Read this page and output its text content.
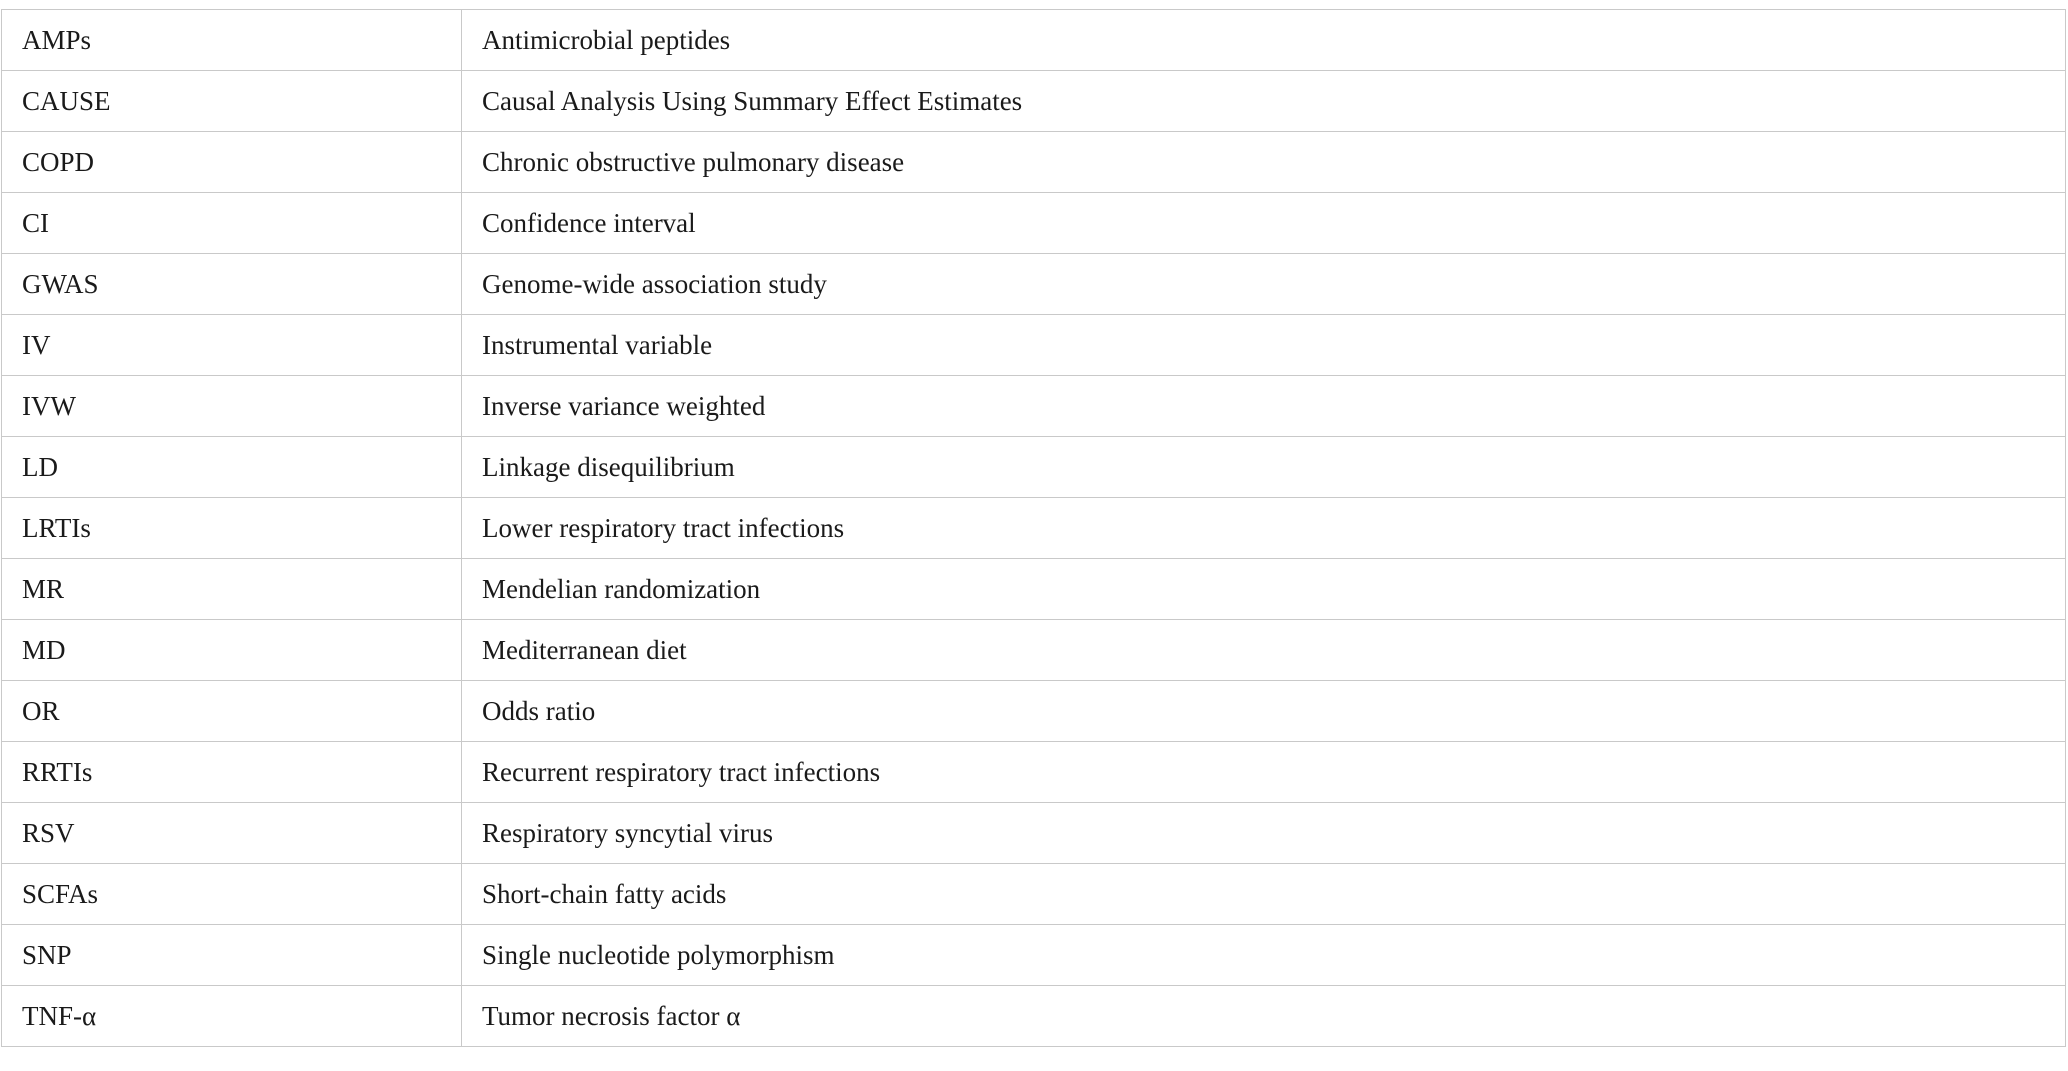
AMPs	Antimicrobial peptides
CAUSE	Causal Analysis Using Summary Effect Estimates
COPD	Chronic obstructive pulmonary disease
CI	Confidence interval
GWAS	Genome-wide association study
IV	Instrumental variable
IVW	Inverse variance weighted
LD	Linkage disequilibrium
LRTIs	Lower respiratory tract infections
MR	Mendelian randomization
MD	Mediterranean diet
OR	Odds ratio
RRTIs	Recurrent respiratory tract infections
RSV	Respiratory syncytial virus
SCFAs	Short-chain fatty acids
SNP	Single nucleotide polymorphism
TNF-α	Tumor necrosis factor α
